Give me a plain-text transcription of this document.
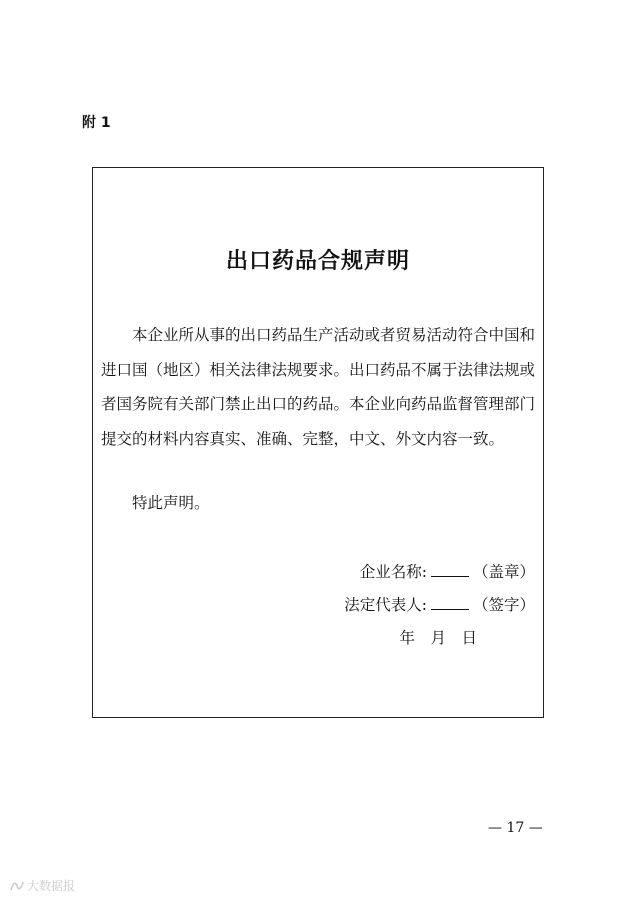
附 1
出口药品合规声明

本企业所从事的出口药品生产活动或者贸易活动符合中国和进口国（地区）相关法律法规要求。出口药品不属于法律法规或者国务院有关部门禁止出口的药品。本企业向药品监督管理部门提交的材料内容真实、准确、完整，中文、外文内容一致。

特此声明。

企业名称:	（盖章）
法定代表人:	（签字）
年　月　日
— 17 —
大数据报
